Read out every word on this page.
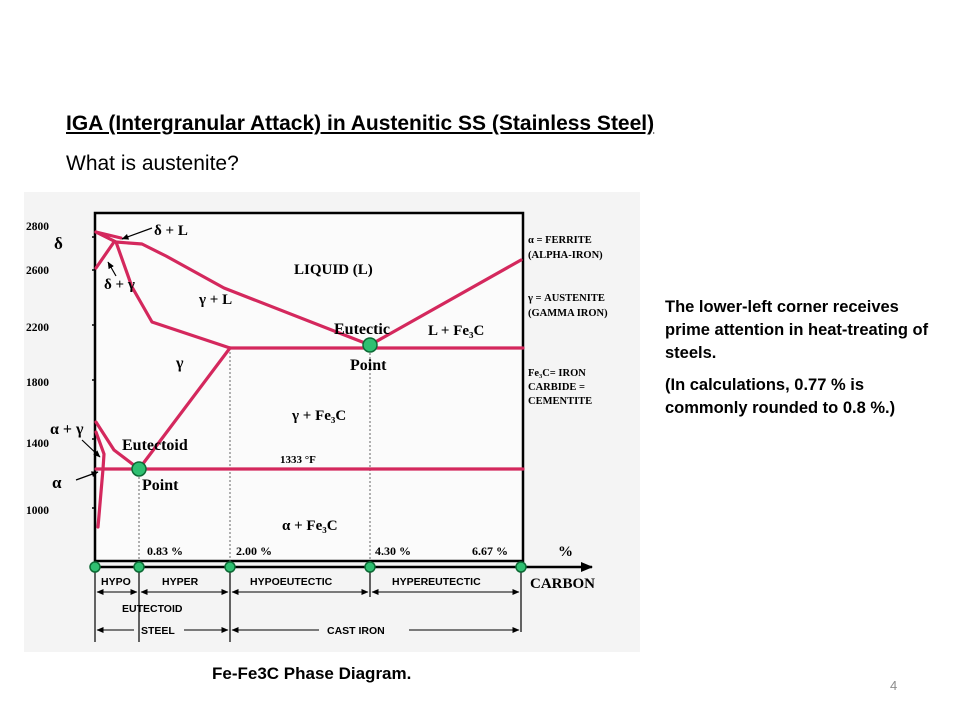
IGA (Intergranular Attack) in Austenitic SS (Stainless Steel)
What is austenite?
2800
2600
2200
1800
1400
1000
δ
δ + L
δ + γ
LIQUID (L)
γ + L
γ
α + γ
α
γ + Fe₃C
α + Fe₃C
L + Fe₃C
Eutectic
Point
Eutectoid
Point
1333 °F
α = FERRITE
(ALPHA-IRON)
γ = AUSTENITE
(GAMMA IRON)
Fe₃C= IRON
CARBIDE =
CEMENTITE
0.83 %	2.00 %	4.30 %	6.67 %	%
CARBON
HYPO	HYPER	HYPOEUTECTIC	HYPEREUTECTIC
EUTECTOID
STEEL	CAST IRON

The lower-left corner receives prime attention in heat-treating of steels.

(In calculations, 0.77 % is commonly rounded to 0.8 %.)

Fe-Fe3C Phase Diagram.
4
